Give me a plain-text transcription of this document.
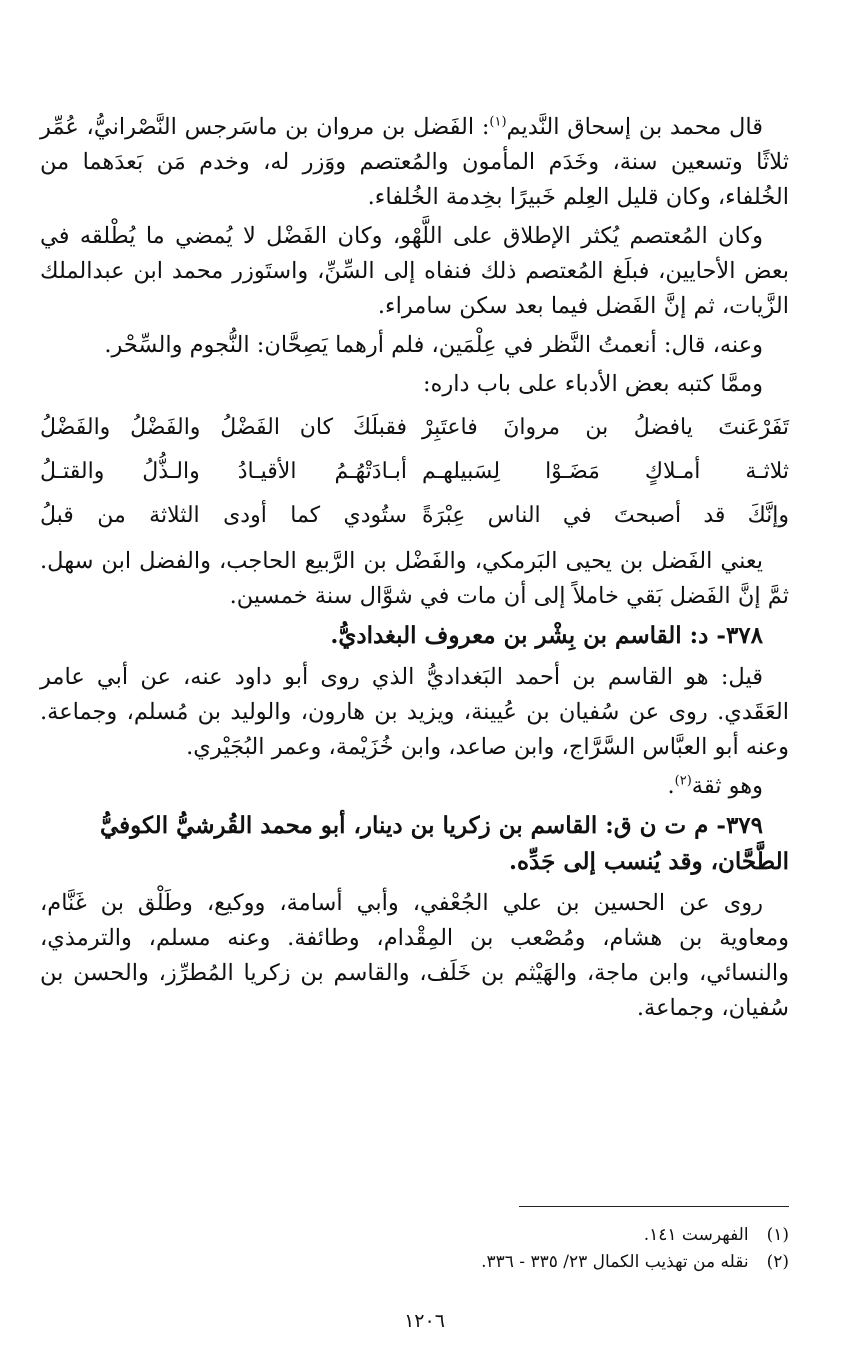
قال محمد بن إسحاق النَّديم$^{(١)}$: الفَضل بن مروان بن ماسَرجس النَّصْرانيُّ، عُمِّر ثلاثًا وتسعين سنة، وخَدَم المأمون والمُعتصم ووَزر له، وخدم مَن بَعدَهما من الخُلفاء، وكان قليل العِلم خَبيرًا بخِدمة الخُلفاء.

وكان المُعتصم يُكثر الإطلاق على اللَّهْو، وكان الفَضْل لا يُمضي ما يُطْلقه في بعض الأحايين، فبلَغ المُعتصم ذلك فنفاه إلى السِّنِّ، واستَوزر محمد ابن عبدالملك الزَّيات، ثم إنَّ الفَضل فيما بعد سكن سامراء.

وعنه، قال: أنعمتُ النَّظر في عِلْمَين، فلم أرهما يَصِحَّان: النُّجوم والسِّحْر.

وممَّا كتبه بعض الأدباء على باب داره:

تَفَرْعَنتَ يافضلُ بن مروانَ فاعتَبِرْ
فقبلَكَ كان الفَضْلُ والفَضْلُ والفَضْلُ
ثلاثـة أمـلاكٍ مَضَـوْا لِسَبيلهـم
أبـادَتْهُـمُ الأقيـادُ والـذُّلُ والقتـلُ
وإنَّكَ قد أصبحتَ في الناس عِبْرَةً
ستُودي كما أودى الثلاثة من قبلُ

يعني الفَضل بن يحيى البَرمكي، والفَضْل بن الرَّبيع الحاجب، والفضل ابن سهل. ثمَّ إنَّ الفَضل بَقي خاملاً إلى أن مات في شوَّال سنة خمسين.

٣٧٨- د: القاسم بن بِشْر بن معروف البغداديُّ.

قيل: هو القاسم بن أحمد البَغداديُّ الذي روى أبو داود عنه، عن أبي عامر العَقَدي. روى عن سُفيان بن عُيينة، ويزيد بن هارون، والوليد بن مُسلم، وجماعة. وعنه أبو العبَّاس السَّرَّاج، وابن صاعد، وابن خُزَيْمة، وعمر البُجَيْري.

وهو ثقة$^{(٢)}$.

٣٧٩- م ت ن ق: القاسم بن زكريا بن دينار، أبو محمد القُرشيُّ الكوفيُّ الطَّحَّان، وقد يُنسب إلى جَدِّه.

روى عن الحسين بن علي الجُعْفي، وأبي أسامة، ووكيع، وطَلْق بن غَنَّام، ومعاوية بن هشام، ومُصْعب بن المِقْدام، وطائفة. وعنه مسلم، والترمذي، والنسائي، وابن ماجة، والهَيْثم بن خَلَف، والقاسم بن زكريا المُطرِّز، والحسن بن سُفيان، وجماعة.

(١)الفهرست ١٤١.
(٢)نقله من تهذيب الكمال ٢٣/ ٣٣٥ - ٣٣٦.
١٢٠٦
